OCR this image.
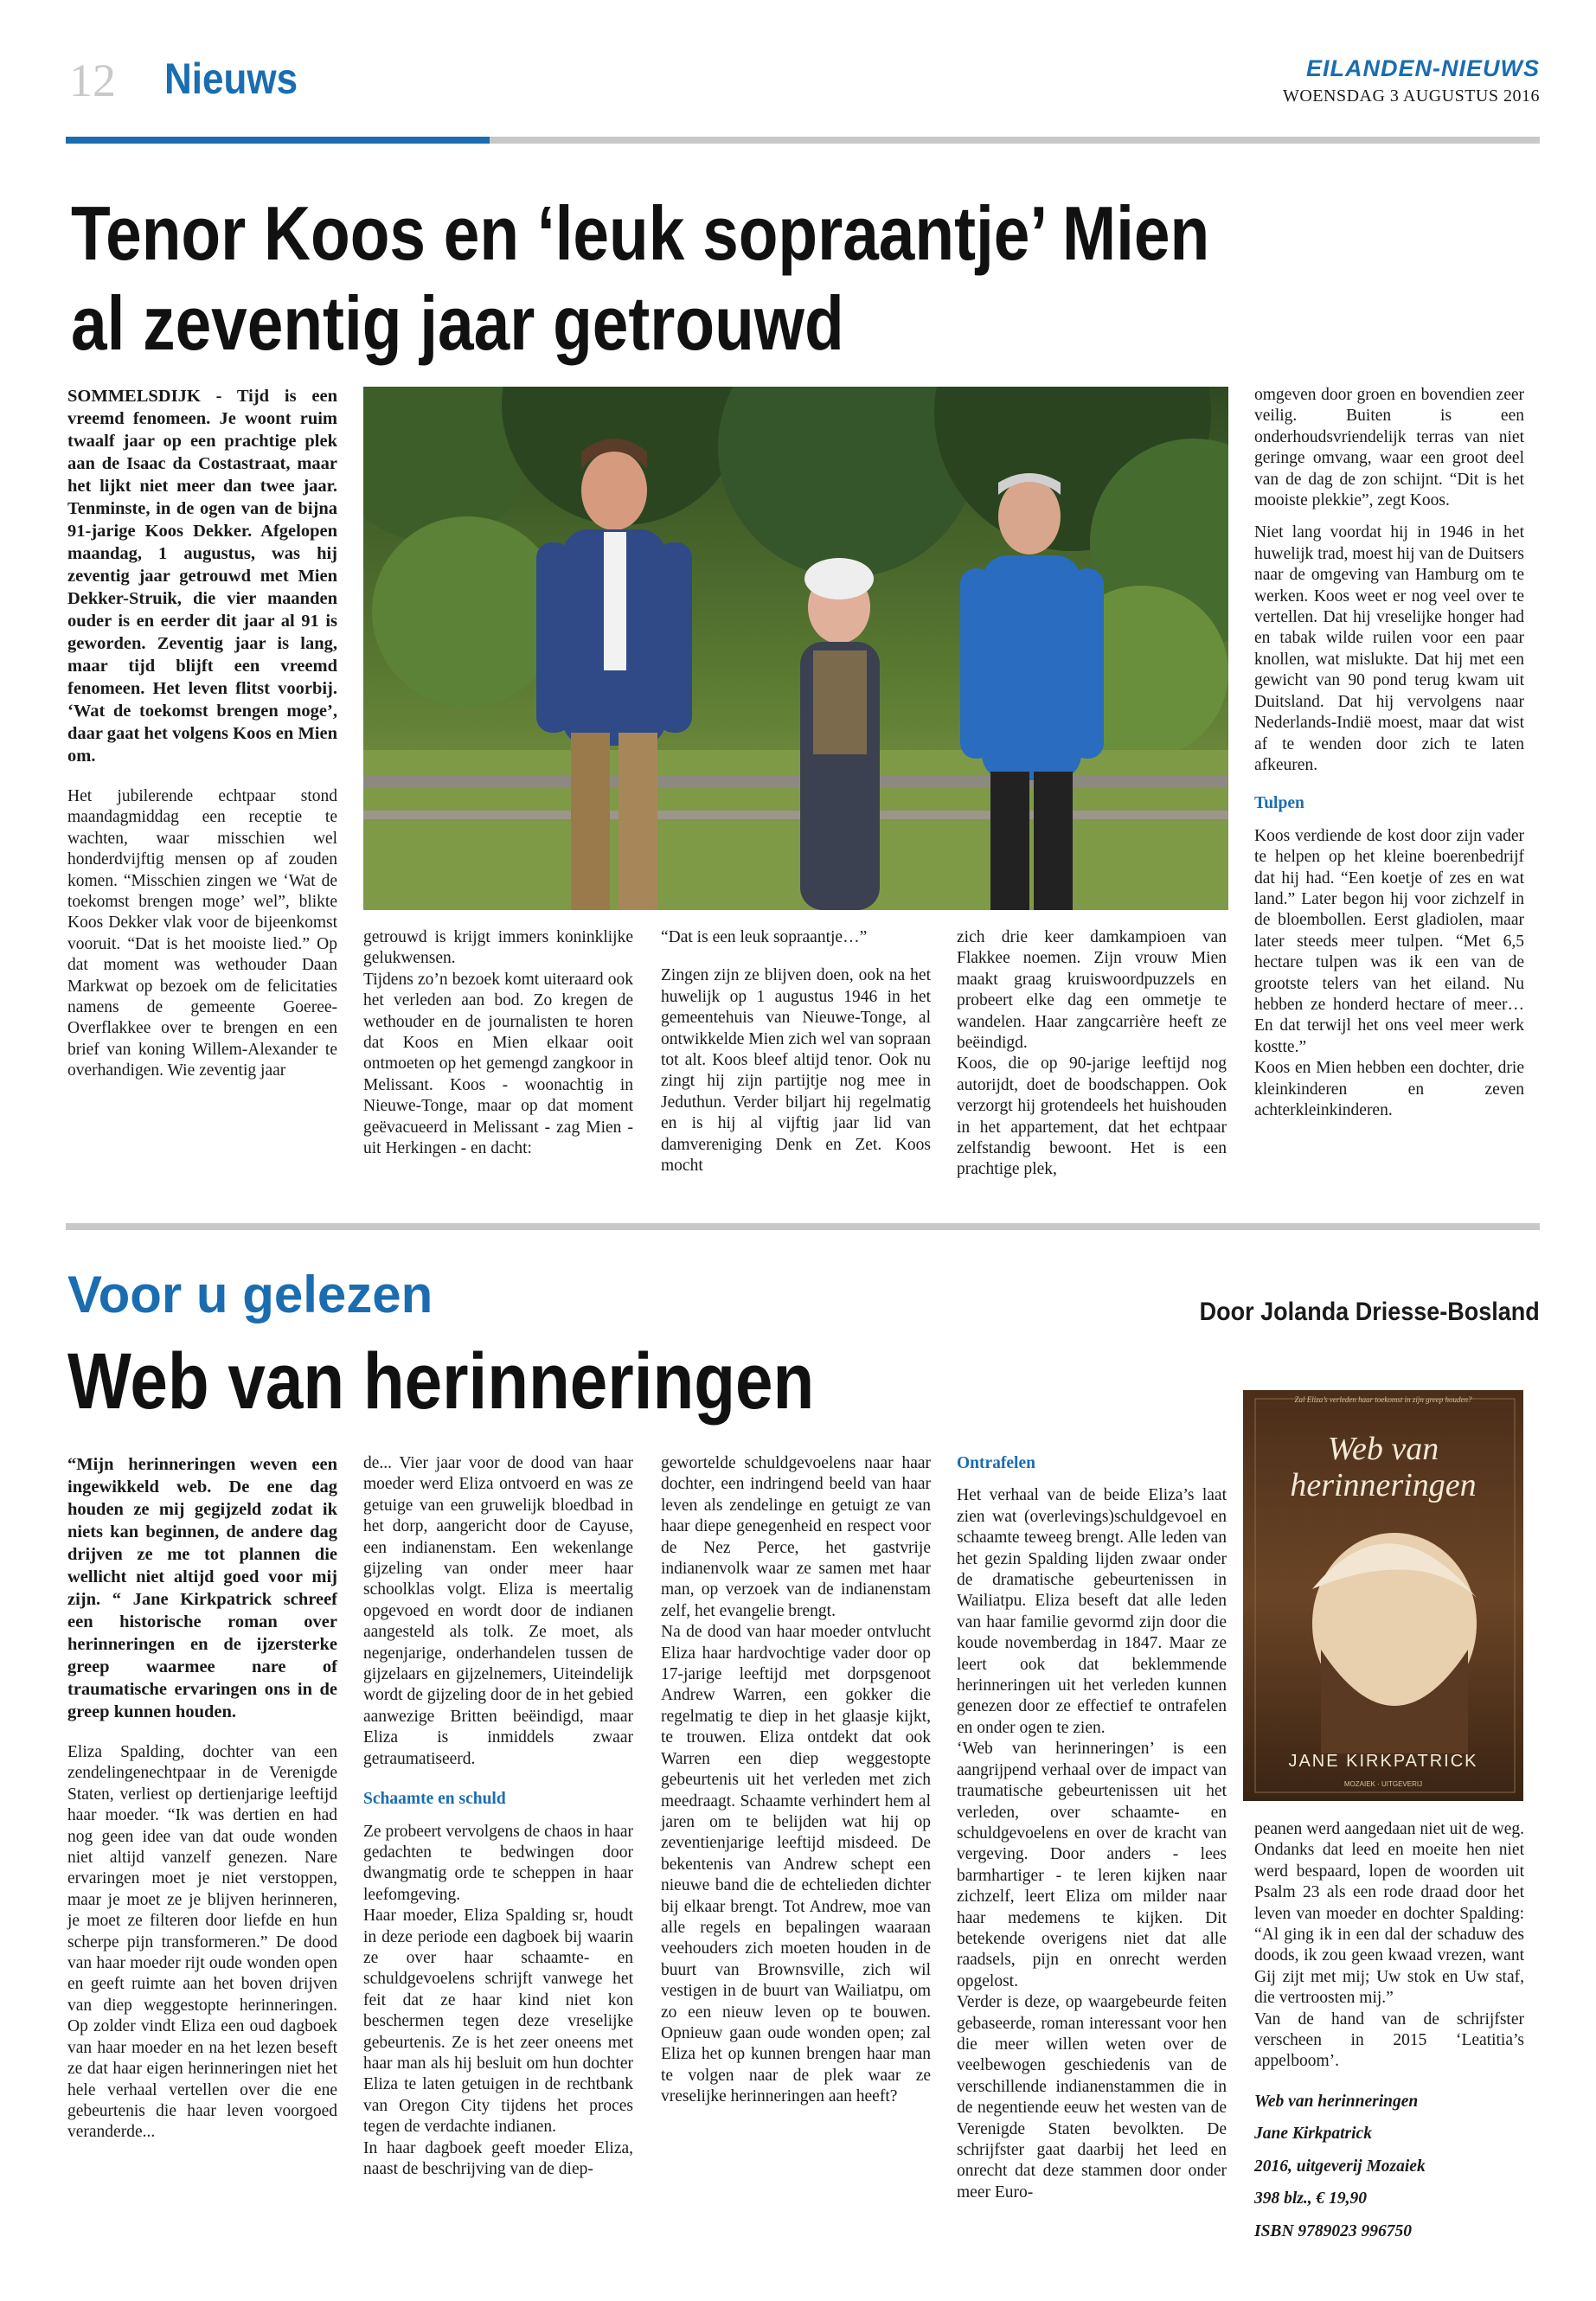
12 Nieuws	EILANDEN-NIEUWS
WOENSDAG 3 AUGUSTUS 2016
Tenor Koos en ‘leuk sopraantje’ Mien
al zeventig jaar getrouwd

SOMMELSDIJK - Tijd is een vreemd fenomeen. Je woont ruim twaalf jaar op een prachtige plek aan de Isaac da Costastraat, maar het lijkt niet meer dan twee jaar. Tenminste, in de ogen van de bijna 91-jarige Koos Dekker. Afgelopen maandag, 1 augustus, was hij zeventig jaar getrouwd met Mien Dekker-Struik, die vier maanden ouder is en eerder dit jaar al 91 is geworden. Zeventig jaar is lang, maar tijd blijft een vreemd fenomeen. Het leven flitst voorbij. ‘Wat de toekomst brengen moge’, daar gaat het volgens Koos en Mien om.

Het jubilerende echtpaar stond maandagmiddag een receptie te wachten, waar misschien wel honderdvijftig mensen op af zouden komen. “Misschien zingen we ‘Wat de toekomst brengen moge’ wel”, blikte Koos Dekker vlak voor de bijeenkomst vooruit. “Dat is het mooiste lied.” Op dat moment was wethouder Daan Markwat op bezoek om de felicitaties namens de gemeente Goeree-Overflakkee over te brengen en een brief van koning Willem-Alexander te overhandigen. Wie zeventig jaar

getrouwd is krijgt immers koninklijke gelukwensen.

Tijdens zo’n bezoek komt uiteraard ook het verleden aan bod. Zo kregen de wethouder en de journalisten te horen dat Koos en Mien elkaar ooit ontmoeten op het gemengd zangkoor in Melissant. Koos - woonachtig in Nieuwe-Tonge, maar op dat moment geëvacueerd in Melissant - zag Mien - uit Herkingen - en dacht:

“Dat is een leuk sopraantje…”

Zingen zijn ze blijven doen, ook na het huwelijk op 1 augustus 1946 in het gemeentehuis van Nieuwe-Tonge, al ontwikkelde Mien zich wel van sopraan tot alt. Koos bleef altijd tenor. Ook nu zingt hij zijn partijtje nog mee in Jeduthun. Verder biljart hij regelmatig en is hij al vijftig jaar lid van damvereniging Denk en Zet. Koos mocht

zich drie keer damkampioen van Flakkee noemen. Zijn vrouw Mien maakt graag kruiswoordpuzzels en probeert elke dag een ommetje te wandelen. Haar zangcarrière heeft ze beëindigd.

Koos, die op 90-jarige leeftijd nog autorijdt, doet de boodschappen. Ook verzorgt hij grotendeels het huishouden in het appartement, dat het echtpaar zelfstandig bewoont. Het is een prachtige plek,

omgeven door groen en bovendien zeer veilig. Buiten is een onderhoudsvriendelijk terras van niet geringe omvang, waar een groot deel van de dag de zon schijnt. “Dit is het mooiste plekkie”, zegt Koos.

Niet lang voordat hij in 1946 in het huwelijk trad, moest hij van de Duitsers naar de omgeving van Hamburg om te werken. Koos weet er nog veel over te vertellen. Dat hij vreselijke honger had en tabak wilde ruilen voor een paar knollen, wat mislukte. Dat hij met een gewicht van 90 pond terug kwam uit Duitsland. Dat hij vervolgens naar Nederlands-Indië moest, maar dat wist af te wenden door zich te laten afkeuren.

Tulpen

Koos verdiende de kost door zijn vader te helpen op het kleine boerenbedrijf dat hij had. “Een koetje of zes en wat land.” Later begon hij voor zichzelf in de bloembollen. Eerst gladiolen, maar later steeds meer tulpen. “Met 6,5 hectare tulpen was ik een van de grootste telers van het eiland. Nu hebben ze honderd hectare of meer… En dat terwijl het ons veel meer werk kostte.”

Koos en Mien hebben een dochter, drie kleinkinderen en zeven achterkleinkinderen.

Voor u gelezen	Door Jolanda Driesse-Bosland
Web van herinneringen

“Mijn herinneringen weven een ingewikkeld web. De ene dag houden ze mij gegijzeld zodat ik niets kan beginnen, de andere dag drijven ze me tot plannen die wellicht niet altijd goed voor mij zijn. “ Jane Kirkpatrick schreef een historische roman over herinneringen en de ijzersterke greep waarmee nare of traumatische ervaringen ons in de greep kunnen houden.

Eliza Spalding, dochter van een zendelingenechtpaar in de Verenigde Staten, verliest op dertienjarige leeftijd haar moeder. “Ik was dertien en had nog geen idee van dat oude wonden niet altijd vanzelf genezen. Nare ervaringen moet je niet verstoppen, maar je moet ze je blijven herinneren, je moet ze filteren door liefde en hun scherpe pijn transformeren.” De dood van haar moeder rijt oude wonden open en geeft ruimte aan het boven drijven van diep weggestopte herinneringen. Op zolder vindt Eliza een oud dagboek van haar moeder en na het lezen beseft ze dat haar eigen herinneringen niet het hele verhaal vertellen over die ene gebeurtenis die haar leven voorgoed veranderde...

de... Vier jaar voor de dood van haar moeder werd Eliza ontvoerd en was ze getuige van een gruwelijk bloedbad in het dorp, aangericht door de Cayuse, een indianenstam. Een wekenlange gijzeling van onder meer haar schoolklas volgt. Eliza is meertalig opgevoed en wordt door de indianen aangesteld als tolk. Ze moet, als negenjarige, onderhandelen tussen de gijzelaars en gijzelnemers, Uiteindelijk wordt de gijzeling door de in het gebied aanwezige Britten beëindigd, maar Eliza is inmiddels zwaar getraumatiseerd.

Schaamte en schuld

Ze probeert vervolgens de chaos in haar gedachten te bedwingen door dwangmatig orde te scheppen in haar leefomgeving.

Haar moeder, Eliza Spalding sr, houdt in deze periode een dagboek bij waarin ze over haar schaamte- en schuldgevoelens schrijft vanwege het feit dat ze haar kind niet kon beschermen tegen deze vreselijke gebeurtenis. Ze is het zeer oneens met haar man als hij besluit om hun dochter Eliza te laten getuigen in de rechtbank van Oregon City tijdens het proces tegen de verdachte indianen.

In haar dagboek geeft moeder Eliza, naast de beschrijving van de diep-

gewortelde schuldgevoelens naar haar dochter, een indringend beeld van haar leven als zendelinge en getuigt ze van haar diepe genegenheid en respect voor de Nez Perce, het gastvrije indianenvolk waar ze samen met haar man, op verzoek van de indianenstam zelf, het evangelie brengt.

Na de dood van haar moeder ontvlucht Eliza haar hardvochtige vader door op 17-jarige leeftijd met dorpsgenoot Andrew Warren, een gokker die regelmatig te diep in het glaasje kijkt, te trouwen. Eliza ontdekt dat ook Warren een diep weggestopte gebeurtenis uit het verleden met zich meedraagt. Schaamte verhindert hem al jaren om te belijden wat hij op zeventienjarige leeftijd misdeed. De bekentenis van Andrew schept een nieuwe band die de echtelieden dichter bij elkaar brengt. Tot Andrew, moe van alle regels en bepalingen waaraan veehouders zich moeten houden in de buurt van Brownsville, zich wil vestigen in de buurt van Wailiatpu, om zo een nieuw leven op te bouwen. Opnieuw gaan oude wonden open; zal Eliza het op kunnen brengen haar man te volgen naar de plek waar ze vreselijke herinneringen aan heeft?

Ontrafelen

Het verhaal van de beide Eliza’s laat zien wat (overlevings)schuldgevoel en schaamte teweeg brengt. Alle leden van het gezin Spalding lijden zwaar onder de dramatische gebeurtenissen in Wailiatpu. Eliza beseft dat alle leden van haar familie gevormd zijn door die koude novemberdag in 1847. Maar ze leert ook dat beklemmende herinneringen uit het verleden kunnen genezen door ze effectief te ontrafelen en onder ogen te zien.

‘Web van herinneringen’ is een aangrijpend verhaal over de impact van traumatische gebeurtenissen uit het verleden, over schaamte- en schuldgevoelens en over de kracht van vergeving. Door anders - lees barmhartiger - te leren kijken naar zichzelf, leert Eliza om milder naar haar medemens te kijken. Dit betekende overigens niet dat alle raadsels, pijn en onrecht werden opgelost.

Verder is deze, op waargebeurde feiten gebaseerde, roman interessant voor hen die meer willen weten over de veelbewogen geschiedenis van de verschillende indianenstammen die in de negentiende eeuw het westen van de Verenigde Staten bevolkten. De schrijfster gaat daarbij het leed en onrecht dat deze stammen door onder meer Euro-

Zal Eliza’s verleden haar toekomst in zijn greep houden?
Web van
herinneringen
JANE KIRKPATRICK
MOZAIEK · UITGEVERIJ

peanen werd aangedaan niet uit de weg. Ondanks dat leed en moeite hen niet werd bespaard, lopen de woorden uit Psalm 23 als een rode draad door het leven van moeder en dochter Spalding: “Al ging ik in een dal der schaduw des doods, ik zou geen kwaad vrezen, want Gij zijt met mij; Uw stok en Uw staf, die vertroosten mij.”

Van de hand van de schrijfster verscheen in 2015 ‘Leatitia’s appelboom’.

Web van herinneringen

Jane Kirkpatrick

2016, uitgeverij Mozaiek

398 blz., € 19,90

ISBN 9789023 996750
